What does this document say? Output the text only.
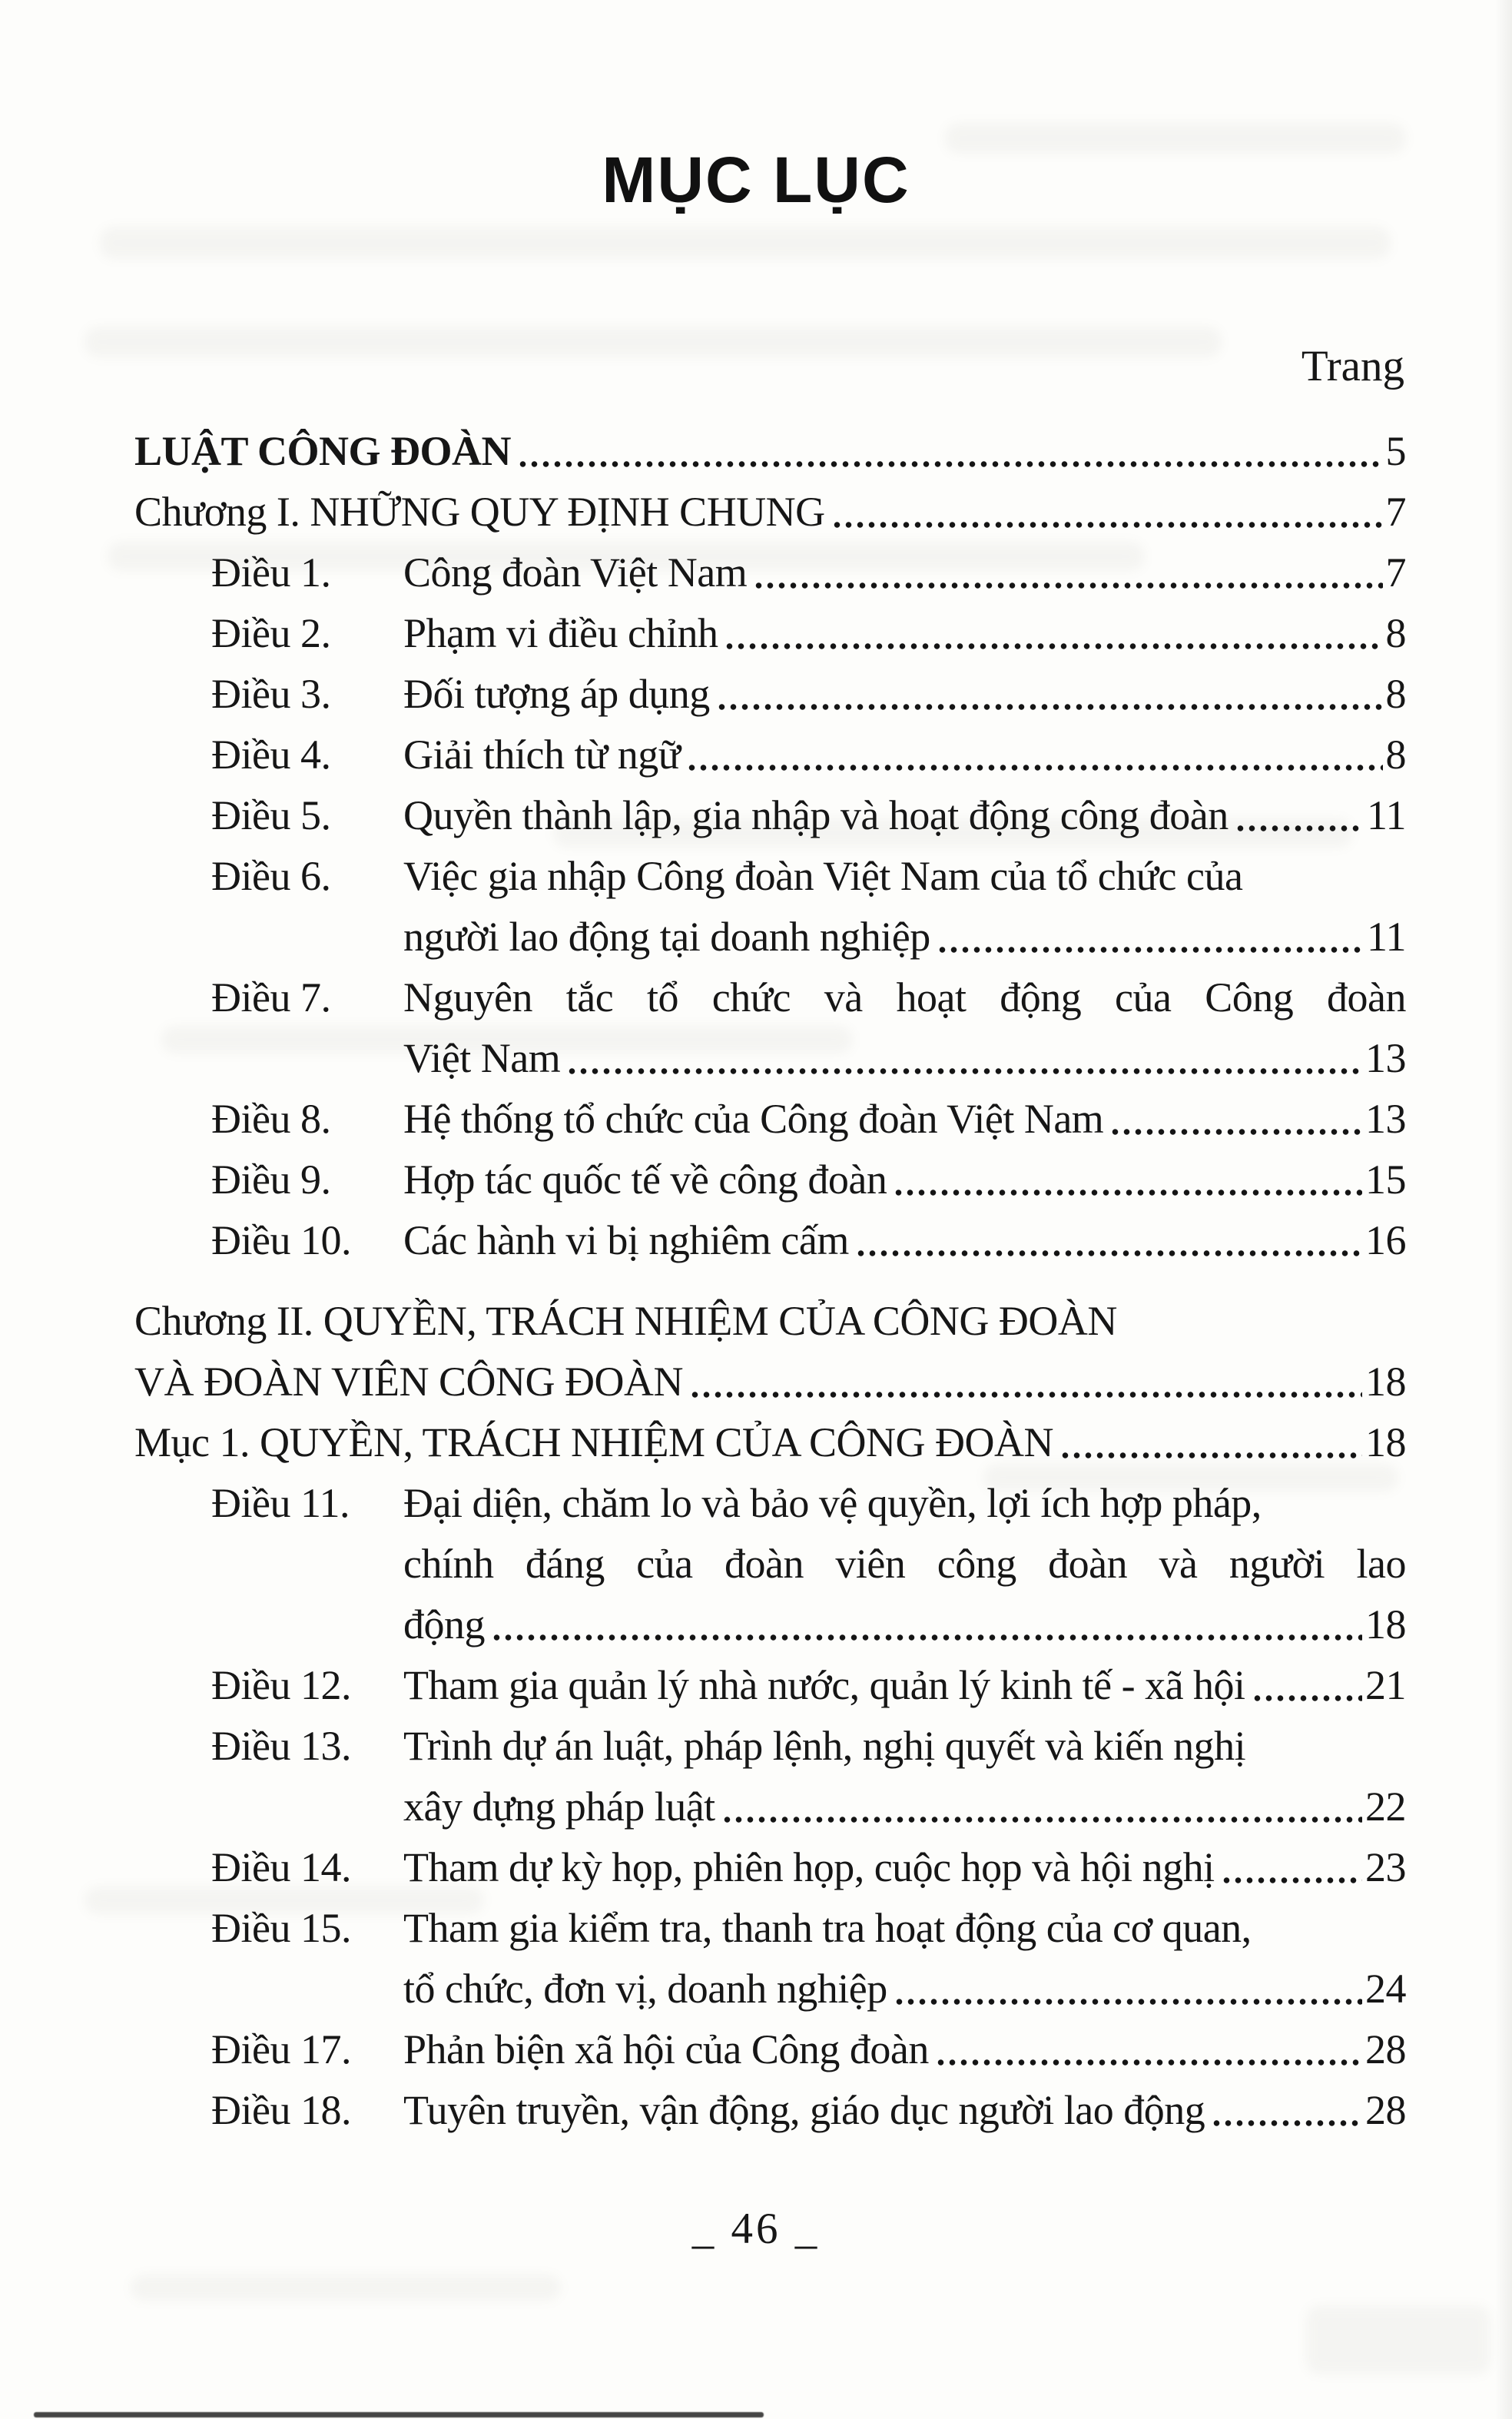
MỤC LỤC
Trang
LUẬT CÔNG ĐOÀN	5
Chương I. NHỮNG QUY ĐỊNH CHUNG	7
Điều 1. Công đoàn Việt Nam	7
Điều 2. Phạm vi điều chỉnh	8
Điều 3. Đối tượng áp dụng	8
Điều 4. Giải thích từ ngữ	8
Điều 5. Quyền thành lập, gia nhập và hoạt động công đoàn	11
Điều 6. Việc gia nhập Công đoàn Việt Nam của tổ chức của
người lao động tại doanh nghiệp	11
Điều 7. Nguyên tắc tổ chức và hoạt động của Công đoàn
Việt Nam	13
Điều 8. Hệ thống tổ chức của Công đoàn Việt Nam	13
Điều 9. Hợp tác quốc tế về công đoàn	15
Điều 10. Các hành vi bị nghiêm cấm	16
Chương II. QUYỀN, TRÁCH NHIỆM CỦA CÔNG ĐOÀN
VÀ ĐOÀN VIÊN CÔNG ĐOÀN	18
Mục 1. QUYỀN, TRÁCH NHIỆM CỦA CÔNG ĐOÀN	18
Điều 11. Đại diện, chăm lo và bảo vệ quyền, lợi ích hợp pháp,
chính đáng của đoàn viên công đoàn và người lao
động	18
Điều 12. Tham gia quản lý nhà nước, quản lý kinh tế - xã hội	21
Điều 13. Trình dự án luật, pháp lệnh, nghị quyết và kiến nghị
xây dựng pháp luật	22
Điều 14. Tham dự kỳ họp, phiên họp, cuộc họp và hội nghị	23
Điều 15. Tham gia kiểm tra, thanh tra hoạt động của cơ quan,
tổ chức, đơn vị, doanh nghiệp	24
Điều 17. Phản biện xã hội của Công đoàn	28
Điều 18. Tuyên truyền, vận động, giáo dục người lao động	28
_ 46 _
